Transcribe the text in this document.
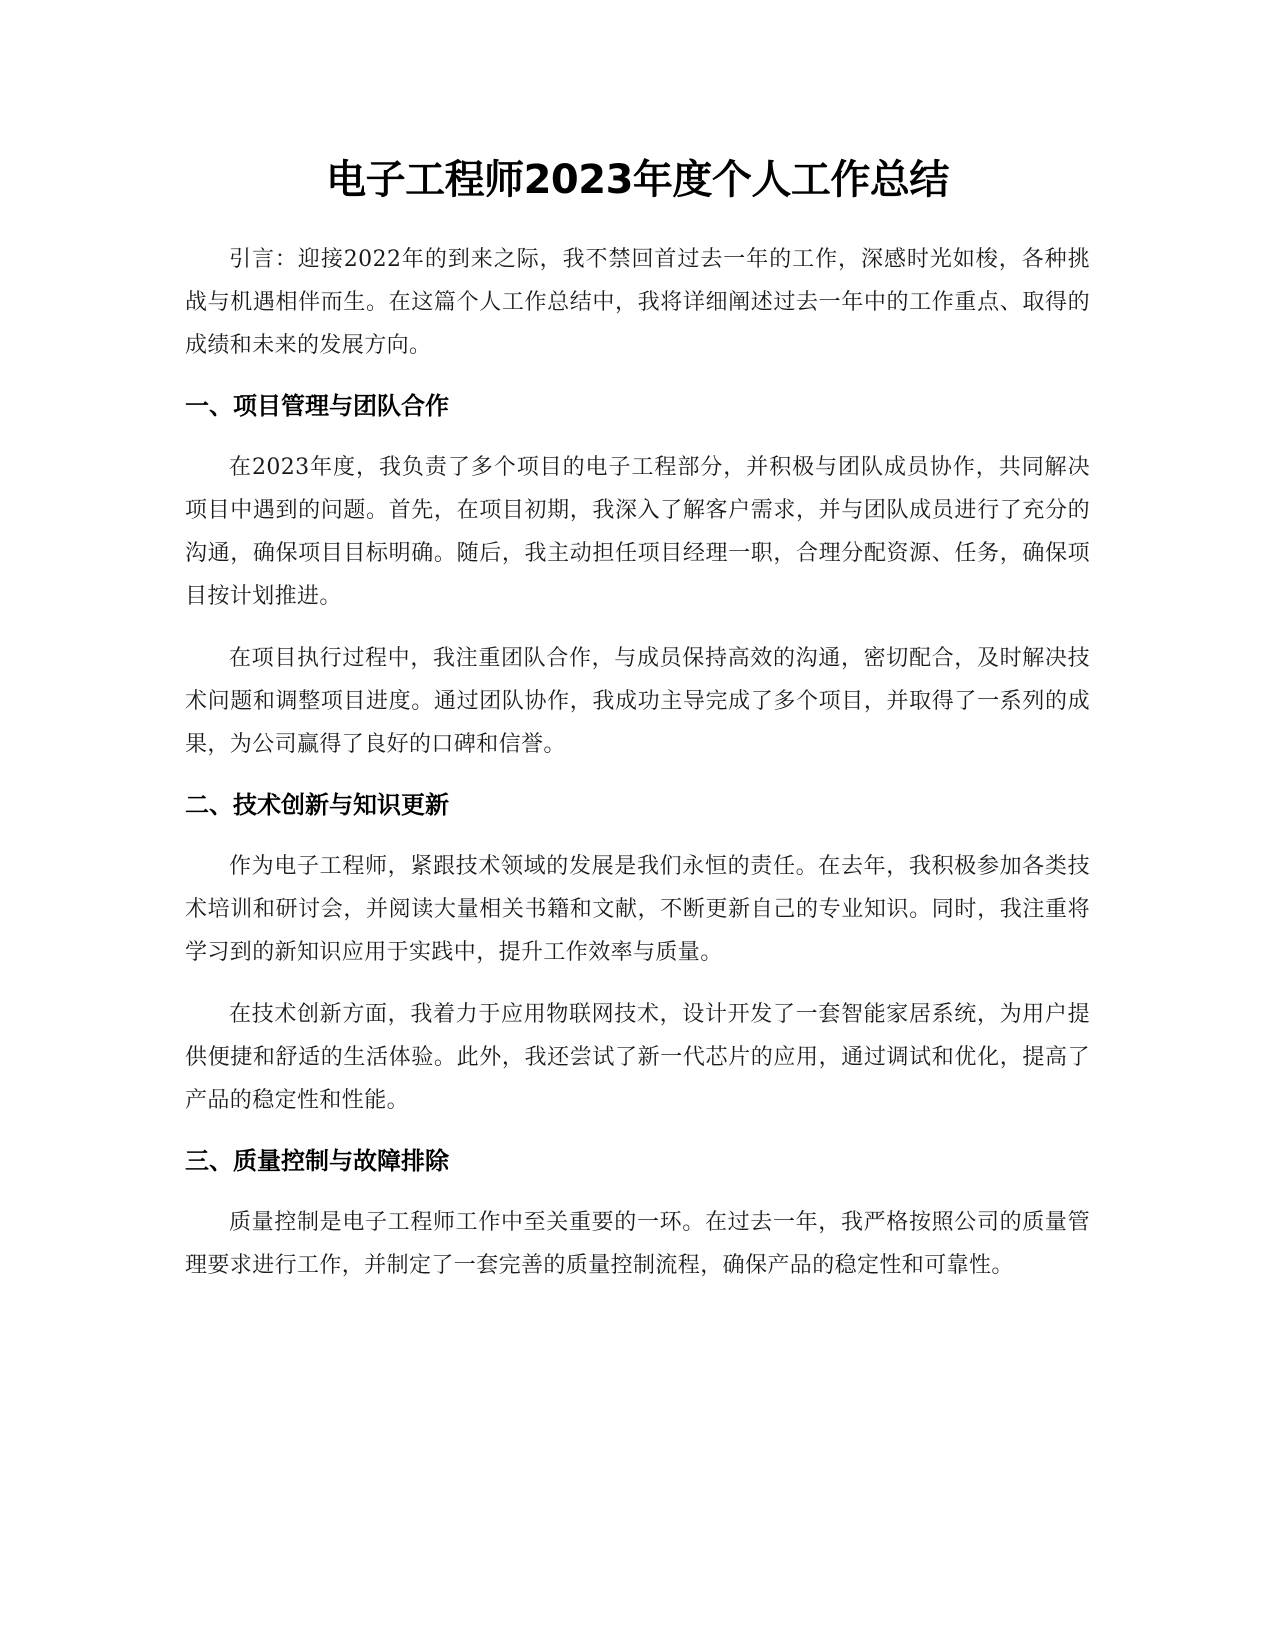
电子工程师2023年度个人工作总结

引言：迎接2022年的到来之际，我不禁回首过去一年的工作，深感时光如梭，各种挑战与机遇相伴而生。在这篇个人工作总结中，我将详细阐述过去一年中的工作重点、取得的成绩和未来的发展方向。

一、项目管理与团队合作

在2023年度，我负责了多个项目的电子工程部分，并积极与团队成员协作，共同解决项目中遇到的问题。首先，在项目初期，我深入了解客户需求，并与团队成员进行了充分的沟通，确保项目目标明确。随后，我主动担任项目经理一职，合理分配资源、任务，确保项目按计划推进。

在项目执行过程中，我注重团队合作，与成员保持高效的沟通，密切配合，及时解决技术问题和调整项目进度。通过团队协作，我成功主导完成了多个项目，并取得了一系列的成果，为公司赢得了良好的口碑和信誉。

二、技术创新与知识更新

作为电子工程师，紧跟技术领域的发展是我们永恒的责任。在去年，我积极参加各类技术培训和研讨会，并阅读大量相关书籍和文献，不断更新自己的专业知识。同时，我注重将学习到的新知识应用于实践中，提升工作效率与质量。

在技术创新方面，我着力于应用物联网技术，设计开发了一套智能家居系统，为用户提供便捷和舒适的生活体验。此外，我还尝试了新一代芯片的应用，通过调试和优化，提高了产品的稳定性和性能。

三、质量控制与故障排除

质量控制是电子工程师工作中至关重要的一环。在过去一年，我严格按照公司的质量管理要求进行工作，并制定了一套完善的质量控制流程，确保产品的稳定性和可靠性。
